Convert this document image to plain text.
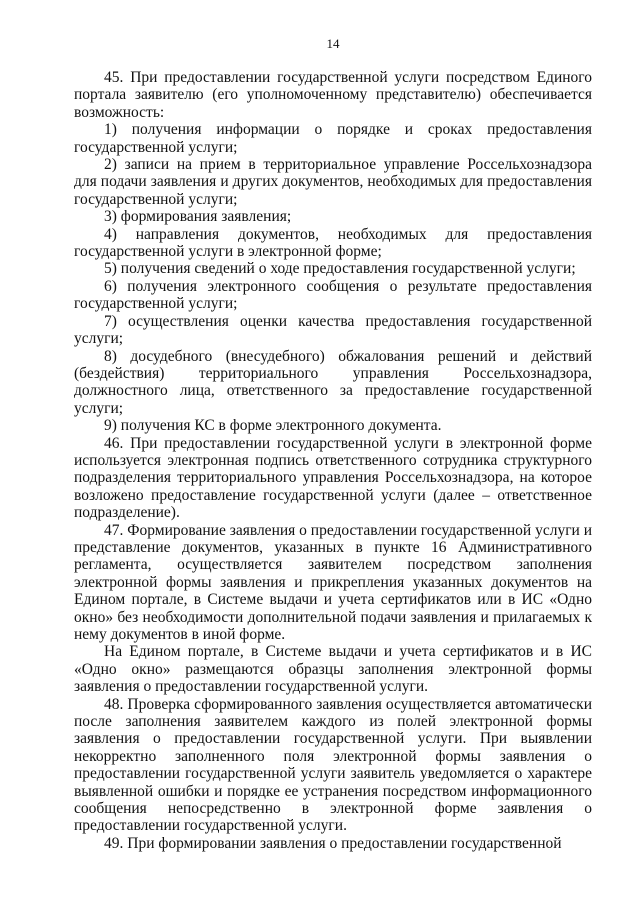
14

45. При предоставлении государственной услуги посредством Единого портала заявителю (его уполномоченному представителю) обеспечивается возможность:

1) получения информации о порядке и сроках предоставления государственной услуги;

2) записи на прием в территориальное управление Россельхознадзора для подачи заявления и других документов, необходимых для предоставления государственной услуги;

3) формирования заявления;

4) направления документов, необходимых для предоставления государственной услуги в электронной форме;

5) получения сведений о ходе предоставления государственной услуги;

6) получения электронного сообщения о результате предоставления государственной услуги;

7) осуществления оценки качества предоставления государственной услуги;

8) досудебного (внесудебного) обжалования решений и действий (бездействия) территориального управления Россельхознадзора, должностного лица, ответственного за предоставление государственной услуги;

9) получения КС в форме электронного документа.

46. При предоставлении государственной услуги в электронной форме используется электронная подпись ответственного сотрудника структурного подразделения территориального управления Россельхознадзора, на которое возложено предоставление государственной услуги (далее – ответственное подразделение).

47. Формирование заявления о предоставлении государственной услуги и представление документов, указанных в пункте 16 Административного регламента, осуществляется заявителем посредством заполнения электронной формы заявления и прикрепления указанных документов на Едином портале, в Системе выдачи и учета сертификатов или в ИС «Одно окно» без необходимости дополнительной подачи заявления и прилагаемых к нему документов в иной форме.

На Едином портале, в Системе выдачи и учета сертификатов и в ИС «Одно окно» размещаются образцы заполнения электронной формы заявления о предоставлении государственной услуги.

48. Проверка сформированного заявления осуществляется автоматически после заполнения заявителем каждого из полей электронной формы заявления о предоставлении государственной услуги. При выявлении некорректно заполненного поля электронной формы заявления о предоставлении государственной услуги заявитель уведомляется о характере выявленной ошибки и порядке ее устранения посредством информационного сообщения непосредственно в электронной форме заявления о предоставлении государственной услуги.

49. При формировании заявления о предоставлении государственной
